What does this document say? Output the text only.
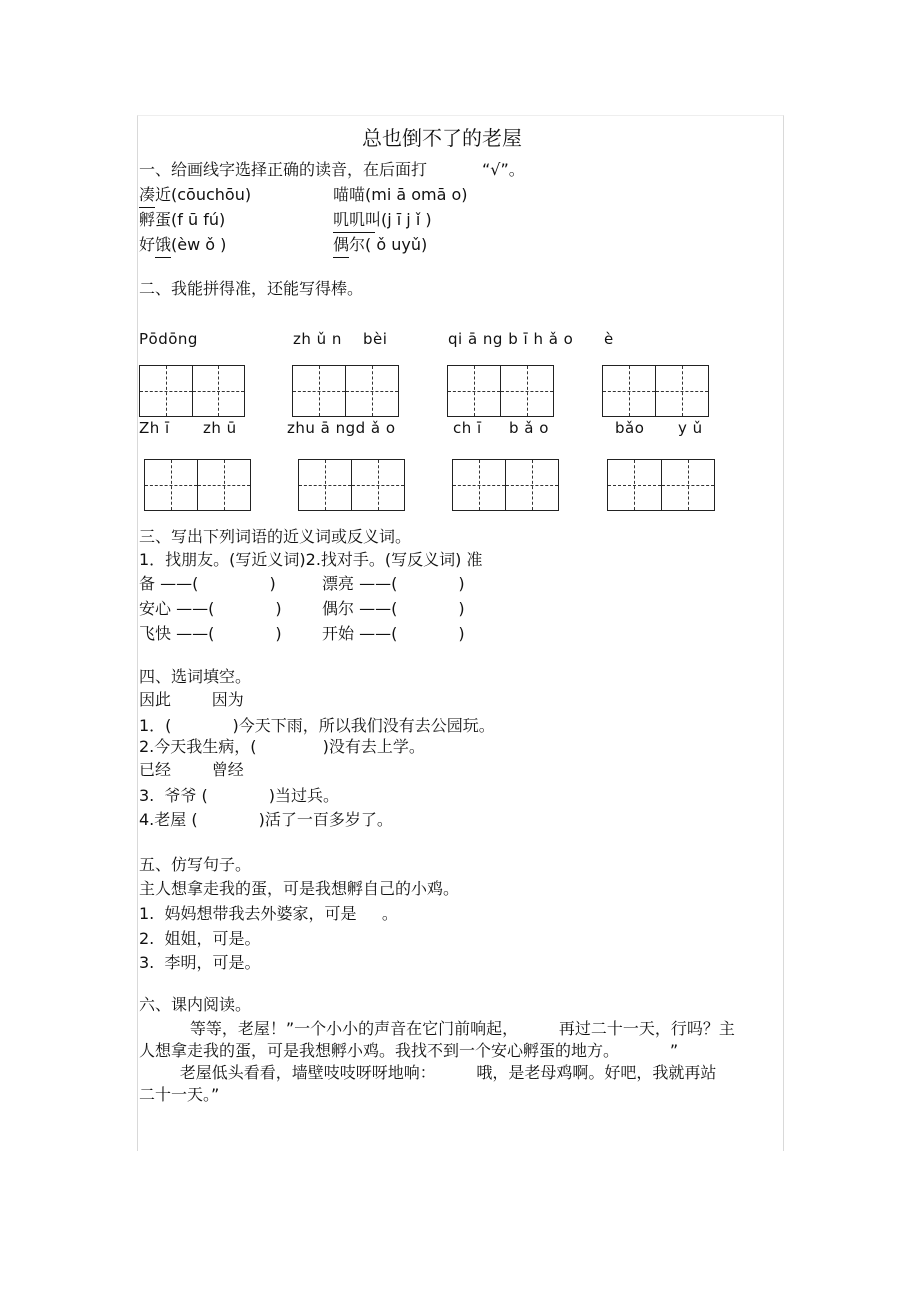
总也倒不了的老屋
一、给画线字选择正确的读音，在后面打	“√”。
凑近(cōuchōu)	喵喵(mi ā omā o)
孵蛋(f ū fú)	叽叽叫(j ī j ǐ )
好饿(èw ǒ )	偶尔( ǒ uyǔ)
二、我能拼得准，还能写得棒。
Pōdōng	zh ǔ n bèi	qi ā ng b ī h ǎ o è
Zh ī zh ū	zhu ā ngd ǎ o	ch ī b ǎ o	bǎo y ǔ
三、写出下列词语的近义词或反义词。
1．找朋友。(写近义词)2.找对手。(写反义词) 准
备 ——(              )	漂亮 ——(            )
安心 ——(            )	偶尔 ——(            )
飞快 ——(            )	开始 ——(            )
四、选词填空。
因此        因为
1．(            )今天下雨，所以我们没有去公园玩。
2.今天我生病，(             )没有去上学。
已经        曾经
3.  爷爷 (            )当过兵。
4.老屋 (            )活了一百多岁了。
五、仿写句子。
主人想拿走我的蛋，可是我想孵自己的小鸡。
1.  妈妈想带我去外婆家，可是     。
2.  姐姐，可是。
3.  李明，可是。
六、课内阅读。
等等，老屋！”一个小小的声音在它门前响起，        再过二十一天，行吗？主
人想拿走我的蛋，可是我想孵小鸡。我找不到一个安心孵蛋的地方。          ”
老屋低头看看，墙壁吱吱呀呀地响：        哦，是老母鸡啊。好吧，我就再站
二十一天。”
